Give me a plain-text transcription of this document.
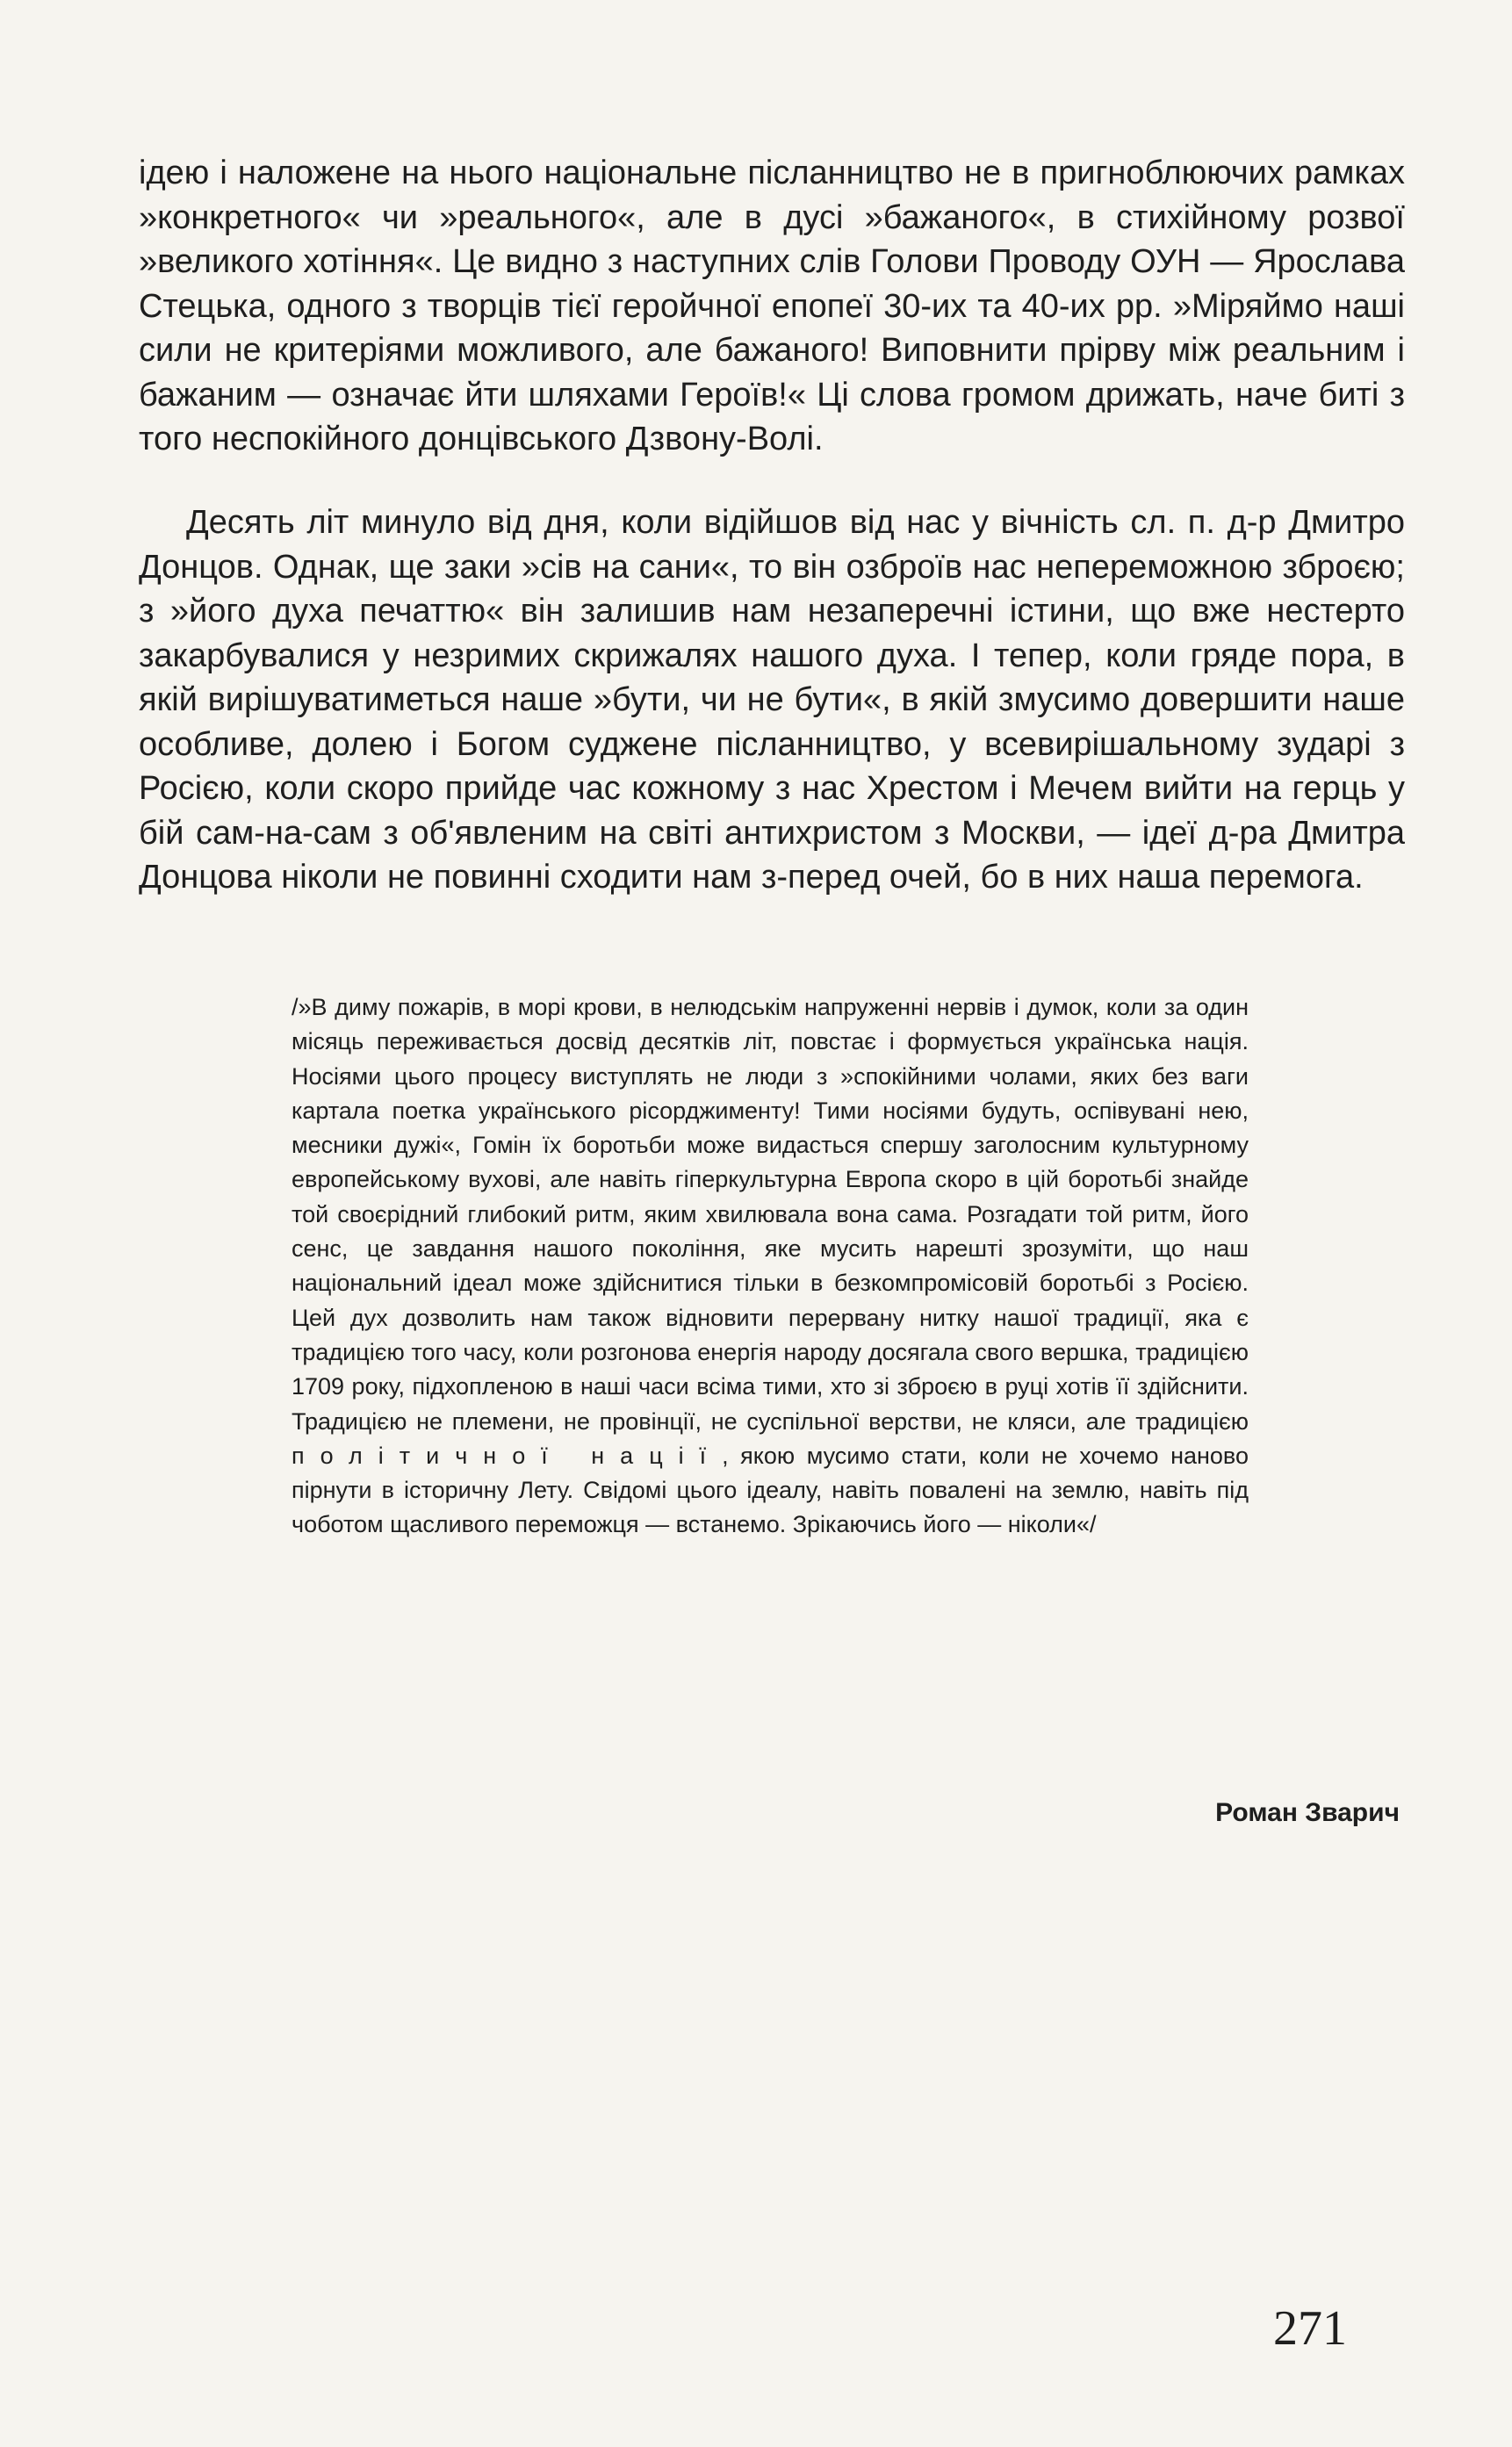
ідею і наложене на нього національне післанництво не в пригноблюючих рамках »конкретного« чи »реального«, але в дусі »бажаного«, в стихійному розвої »великого хотіння«. Це видно з наступних слів Голови Проводу ОУН — Ярослава Стецька, одного з творців тієї геройчної епопеї 30-их та 40-их рр. »Міряймо наші сили не критеріями можливого, але бажаного! Виповнити прірву між реальним і бажаним — означає йти шляхами Героїв!« Ці слова громом дрижать, наче биті з того неспокійного донцівського Дзвону-Волі.

Десять літ минуло від дня, коли відійшов від нас у вічність сл. п. д-р Дмитро Донцов. Однак, ще заки »сів на сани«, то він озброїв нас непереможною зброєю; з »його духа печаттю« він залишив нам незаперечні істини, що вже нестерто закарбувалися у незримих скрижалях нашого духа. І тепер, коли гряде пора, в якій вирішуватиметься наше »бути, чи не бути«, в якій змусимо довершити наше особливе, долею і Богом суджене післанництво, у всевирішальному зударі з Росією, коли скоро прийде час кожному з нас Хрестом і Мечем вийти на герць у бій сам-на-сам з об'явленим на світі антихристом з Москви, — ідеї д-ра Дмитра Донцова ніколи не повинні сходити нам з-перед очей, бо в них наша перемога.

/»В диму пожарів, в морі крови, в нелюдськім напруженні нервів і думок, коли за один місяць переживається досвід десятків літ, повстає і формується українська нація. Носіями цього процесу виступлять не люди з »спокійними чолами, яких без ваги картала поетка українського рісорджименту! Тими носіями будуть, оспівувані нею, месники дужі«, Гомін їх боротьби може видасться спершу заголосним культурному европейському вухові, але навіть гіперкультурна Европа скоро в цій боротьбі знайде той своєрідний глибокий ритм, яким хвилювала вона сама. Розгадати той ритм, його сенс, це завдання нашого покоління, яке мусить нарешті зрозуміти, що наш національний ідеал може здійснитися тільки в безкомпромісовій боротьбі з Росією. Цей дух дозволить нам також відновити перервану нитку нашої традиції, яка є традицією того часу, коли розгонова енергія народу досягала свого вершка, традицією 1709 року, підхопленою в наші часи всіма тими, хто зі зброєю в руці хотів її здійснити. Традицією не племени, не провінції, не суспільної верстви, не кляси, але традицією політичної нації, якою мусимо стати, коли не хочемо наново пірнути в історичну Лету. Свідомі цього ідеалу, навіть повалені на землю, навіть під чоботом щасливого переможця — встанемо. Зрікаючись його — ніколи«/

Роман Зварич

271
